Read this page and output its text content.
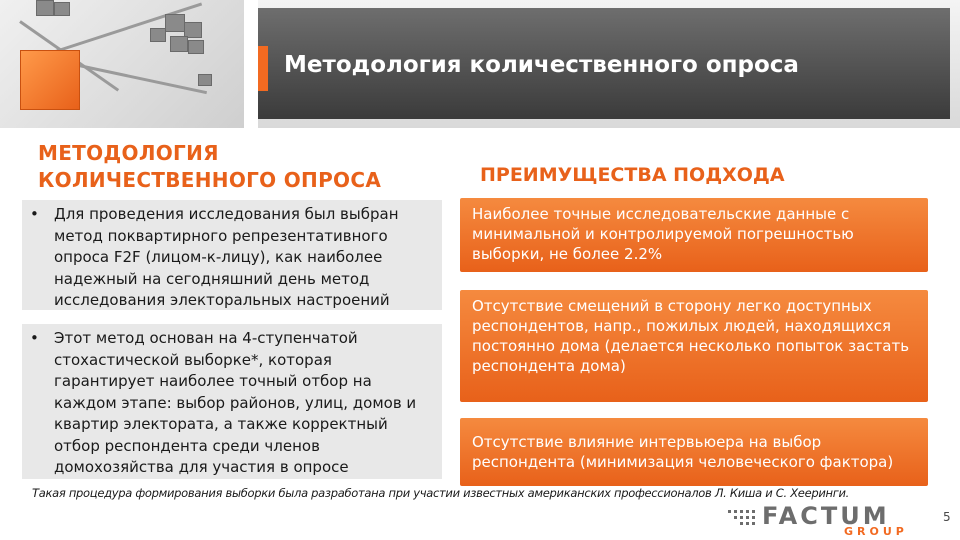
Методология количественного опроса
МЕТОДОЛОГИЯ
КОЛИЧЕСТВЕННОГО ОПРОСА	ПРЕИМУЩЕСТВА ПОДХОДА
•	Для проведения исследования был выбран метод поквартирного репрезентативного опроса F2F (лицом-к-лицу), как наиболее надежный на сегодняшний день метод исследования электоральных настроений
•	Этот метод основан на 4-ступенчатой стохастической выборке*, которая гарантирует наиболее точный отбор на каждом этапе: выбор районов, улиц, домов и квартир электората, а также корректный отбор респондента среди членов домохозяйства для участия в опросе
Наиболее точные исследовательские данные с минимальной и контролируемой погрешностью выборки, не более 2.2%
Отсутствие смещений в сторону легко доступных респондентов, напр., пожилых людей, находящихся постоянно дома (делается несколько попыток застать респондента дома)
Отсутствие влияние интервьюера на выбор респондента (минимизация человеческого фактора)
Такая процедура формирования выборки была разработана при участии известных американских профессионалов Л. Киша и С. Хееринги.
FACTUM
GROUP
5
